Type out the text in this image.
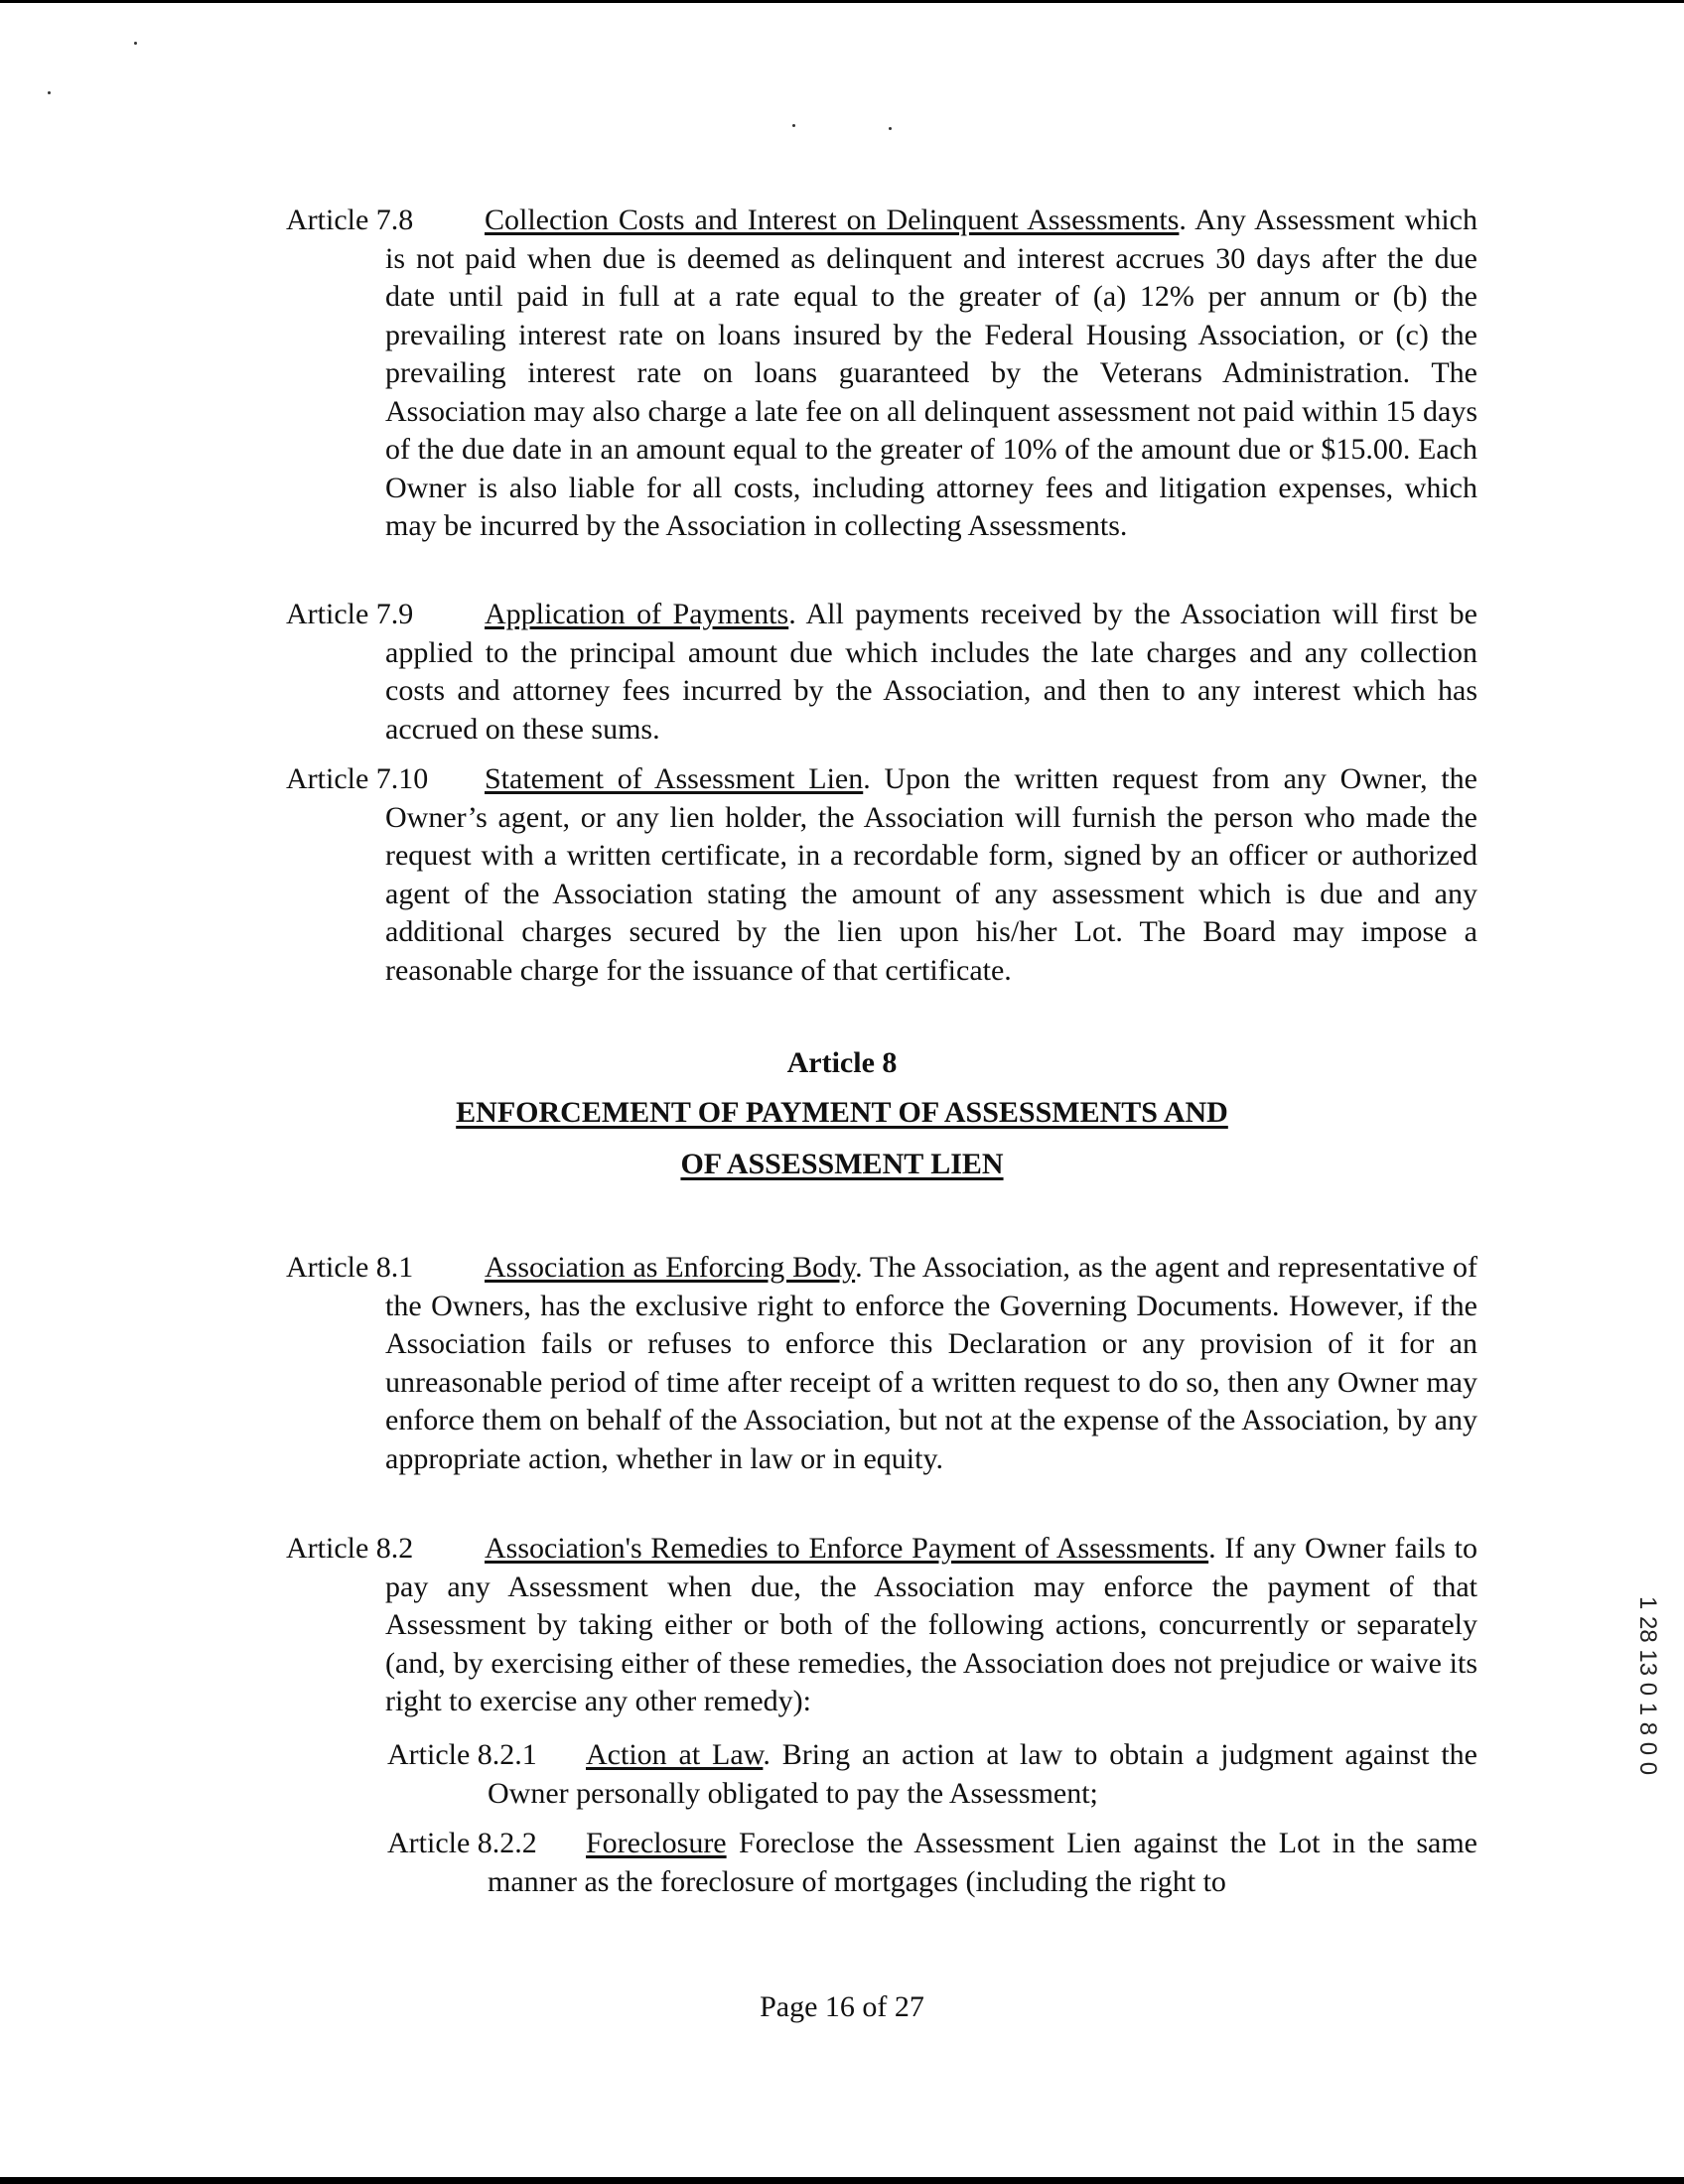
Article 7.8	Collection Costs and Interest on Delinquent Assessments. Any Assessment which is not paid when due is deemed as delinquent and interest accrues 30 days after the due date until paid in full at a rate equal to the greater of (a) 12% per annum or (b) the prevailing interest rate on loans insured by the Federal Housing Association, or (c) the prevailing interest rate on loans guaranteed by the Veterans Administration. The Association may also charge a late fee on all delinquent assessment not paid within 15 days of the due date in an amount equal to the greater of 10% of the amount due or $15.00. Each Owner is also liable for all costs, including attorney fees and litigation expenses, which may be incurred by the Association in collecting Assessments.
Article 7.9	Application of Payments. All payments received by the Association will first be applied to the principal amount due which includes the late charges and any collection costs and attorney fees incurred by the Association, and then to any interest which has accrued on these sums.
Article 7.10	Statement of Assessment Lien. Upon the written request from any Owner, the Owner’s agent, or any lien holder, the Association will furnish the person who made the request with a written certificate, in a recordable form, signed by an officer or authorized agent of the Association stating the amount of any assessment which is due and any additional charges secured by the lien upon his/her Lot. The Board may impose a reasonable charge for the issuance of that certificate.
Article 8
ENFORCEMENT OF PAYMENT OF ASSESSMENTS AND
OF ASSESSMENT LIEN
Article 8.1	Association as Enforcing Body. The Association, as the agent and representative of the Owners, has the exclusive right to enforce the Governing Documents. However, if the Association fails or refuses to enforce this Declaration or any provision of it for an unreasonable period of time after receipt of a written request to do so, then any Owner may enforce them on behalf of the Association, but not at the expense of the Association, by any appropriate action, whether in law or in equity.
Article 8.2	Association's Remedies to Enforce Payment of Assessments. If any Owner fails to pay any Assessment when due, the Association may enforce the payment of that Assessment by taking either or both of the following actions, concurrently or separately (and, by exercising either of these remedies, the Association does not prejudice or waive its right to exercise any other remedy):
Article 8.2.1	Action at Law. Bring an action at law to obtain a judgment against the Owner personally obligated to pay the Assessment;
Article 8.2.2	Foreclosure Foreclose the Assessment Lien against the Lot in the same manner as the foreclosure of mortgages (including the right to
1 28 13 0 1 8 0 0
Page 16 of 27
